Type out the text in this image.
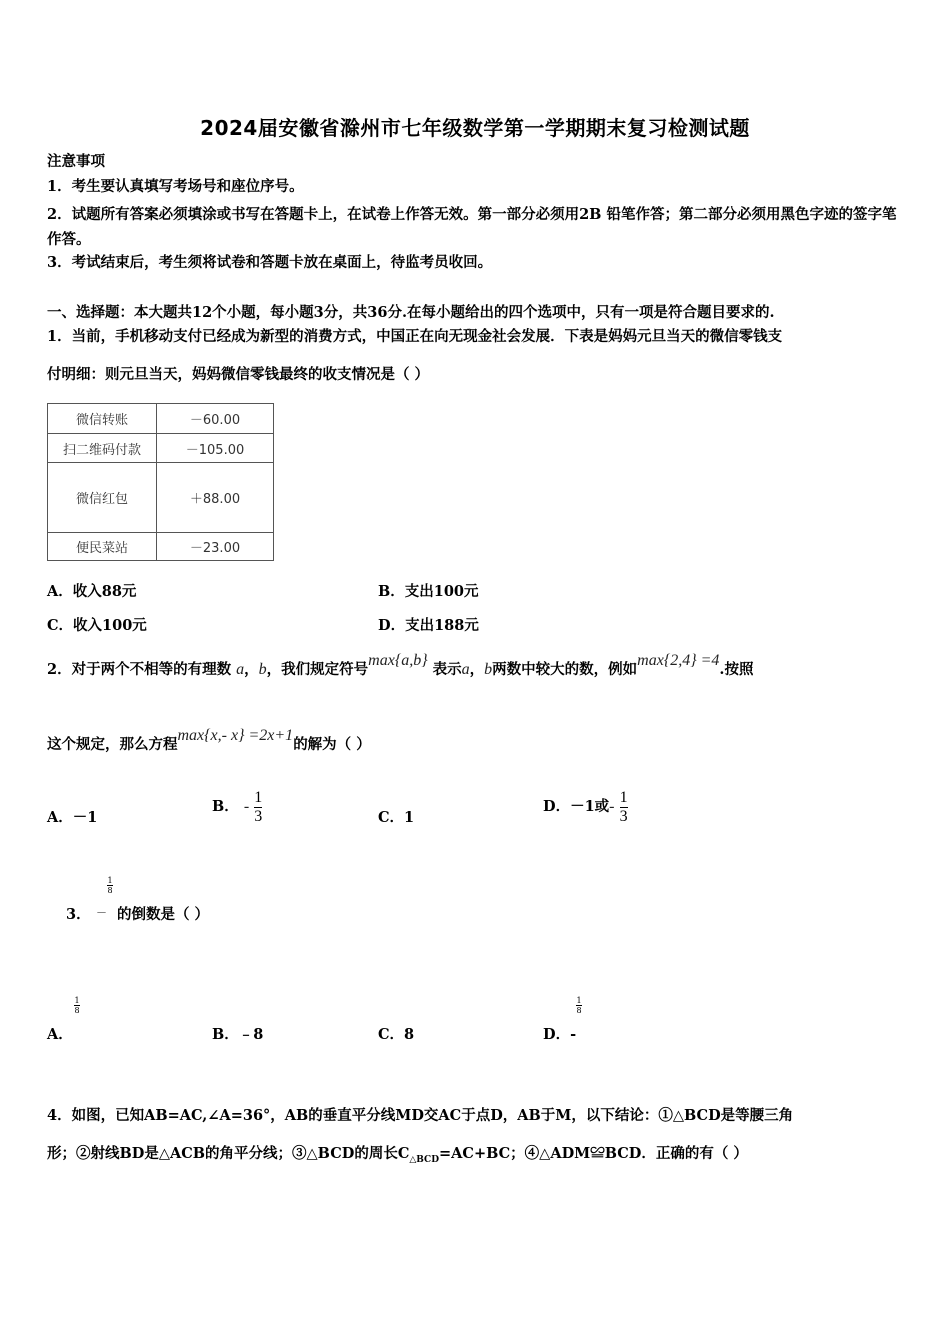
2024届安徽省滁州市七年级数学第一学期期末复习检测试题
注意事项
1．考生要认真填写考场号和座位序号。
2．试题所有答案必须填涂或书写在答题卡上，在试卷上作答无效。第一部分必须用2B 铅笔作答；第二部分必须用黑色字迹的签字笔作答。
3．考试结束后，考生须将试卷和答题卡放在桌面上，待监考员收回。
一、选择题：本大题共12个小题，每小题3分，共36分.在每小题给出的四个选项中，只有一项是符合题目要求的.
1．当前，手机移动支付已经成为新型的消费方式，中国正在向无现金社会发展．下表是妈妈元旦当天的微信零钱支
付明细：则元旦当天，妈妈微信零钱最终的收支情况是（ ）
微信转账	－60.00
扫二维码付款	－105.00
微信红包	＋88.00
便民菜站	－23.00
A．收入88元	B．支出100元
C．收入100元	D．支出188元
2．对于两个不相等的有理数 a，b，我们规定符号max{a,b} 表示a，b两数中较大的数，例如max{2,4} =4.按照
这个规定，那么方程max{x,- x} =2x+1的解为（ ）
A．－1
B． - $\frac{1}{3}$	C．1
D．－1或- $\frac{1}{3}$
3． －
$\frac{1}{8}$
的倒数是（ ）
A．
$\frac{1}{8}$
B．﹣8	C．8	D．-
$\frac{1}{8}$
4．如图，已知AB=AC,∠A=36°，AB的垂直平分线MD交AC于点D，AB于M，以下结论：①△BCD是等腰三角
形；②射线BD是△ACB的角平分线；③△BCD的周长$C_{\triangle BCD}=AC+BC$；④△ADM≌BCD．正确的有（ ）
